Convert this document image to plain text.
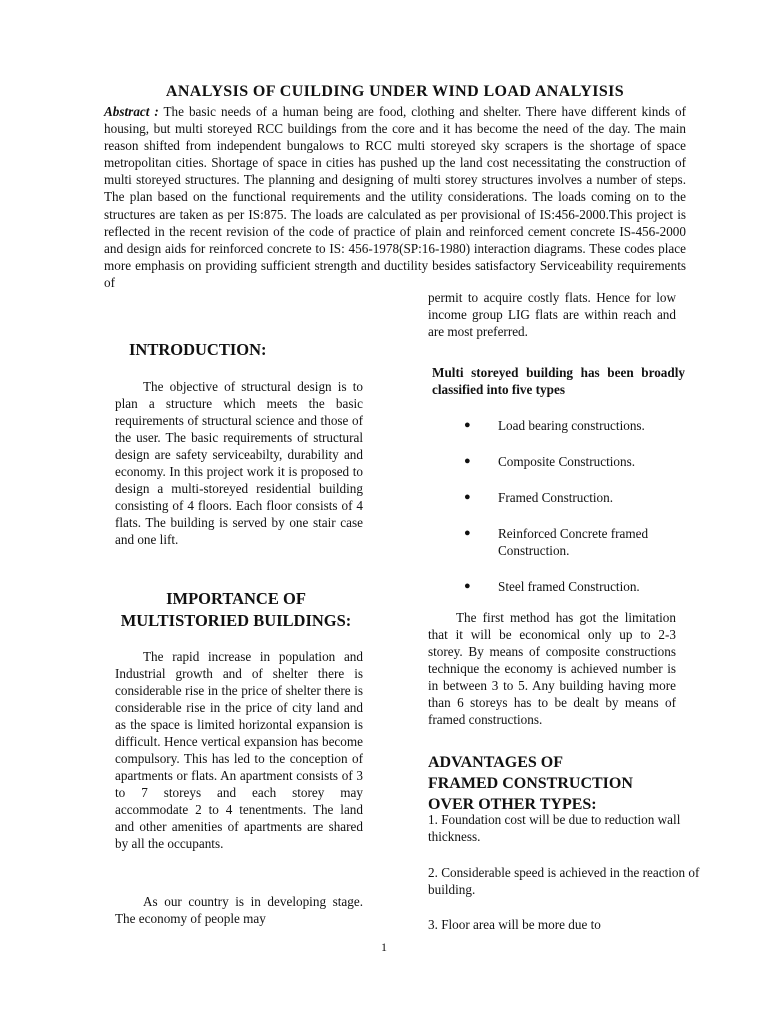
ANALYSIS OF CUILDING UNDER WIND LOAD ANALYISIS

Abstract : The basic needs of a human being are food, clothing and shelter. There have different kinds of housing, but multi storeyed RCC buildings from the core and it has become the need of the day. The main reason shifted from independent bungalows to RCC multi storeyed sky scrapers is the shortage of space metropolitan cities. Shortage of space in cities has pushed up the land cost necessitating the construction of multi storeyed structures. The planning and designing of multi storey structures involves a number of steps. The plan based on the functional requirements and the utility considerations. The loads coming on to the structures are taken as per IS:875. The loads are calculated as per provisional of IS:456-2000.This project is reflected in the recent revision of the code of practice of plain and reinforced cement concrete IS-456-2000 and design aids for reinforced concrete to IS: 456-1978(SP:16-1980) interaction diagrams. These codes place more emphasis on providing sufficient strength and ductility besides satisfactory Serviceability requirements of

INTRODUCTION:

The objective of structural design is to plan a structure which meets the basic requirements of structural science and those of the user. The basic requirements of structural design are safety serviceabilty, durability and economy. In this project work it is proposed to design a multi-storeyed residential building consisting of 4 floors. Each floor consists of 4 flats. The building is served by one stair case and one lift.

IMPORTANCE OF
MULTISTORIED BUILDINGS:

The rapid increase in population and Industrial growth and of shelter there is considerable rise in the price of shelter there is considerable rise in the price of city land and as the space is limited horizontal expansion is difficult. Hence vertical expansion has become compulsory. This has led to the conception of apartments or flats. An apartment consists of 3 to 7 storeys and each storey may accommodate 2 to 4 tenentments. The land and other amenities of apartments are shared by all the occupants.

As our country is in developing stage. The economy of people may

permit to acquire costly flats. Hence for low income group LIG flats are within reach and are most preferred.

Multi storeyed building has been broadly classified into five types

● Load bearing constructions.
● Composite Constructions.
● Framed Construction.
● Reinforced Concrete framed Construction.
● Steel framed Construction.

The first method has got the limitation that it will be economical only up to 2-3 storey. By means of composite constructions technique the economy is achieved number is in between 3 to 5. Any building having more than 6 storeys has to be dealt by means of framed constructions.

ADVANTAGES OF
FRAMED CONSTRUCTION
OVER OTHER TYPES:
1. Foundation cost will be due to reduction wall thickness.
2. Considerable speed is achieved in the reaction of building.
3. Floor area will be more due to
1
